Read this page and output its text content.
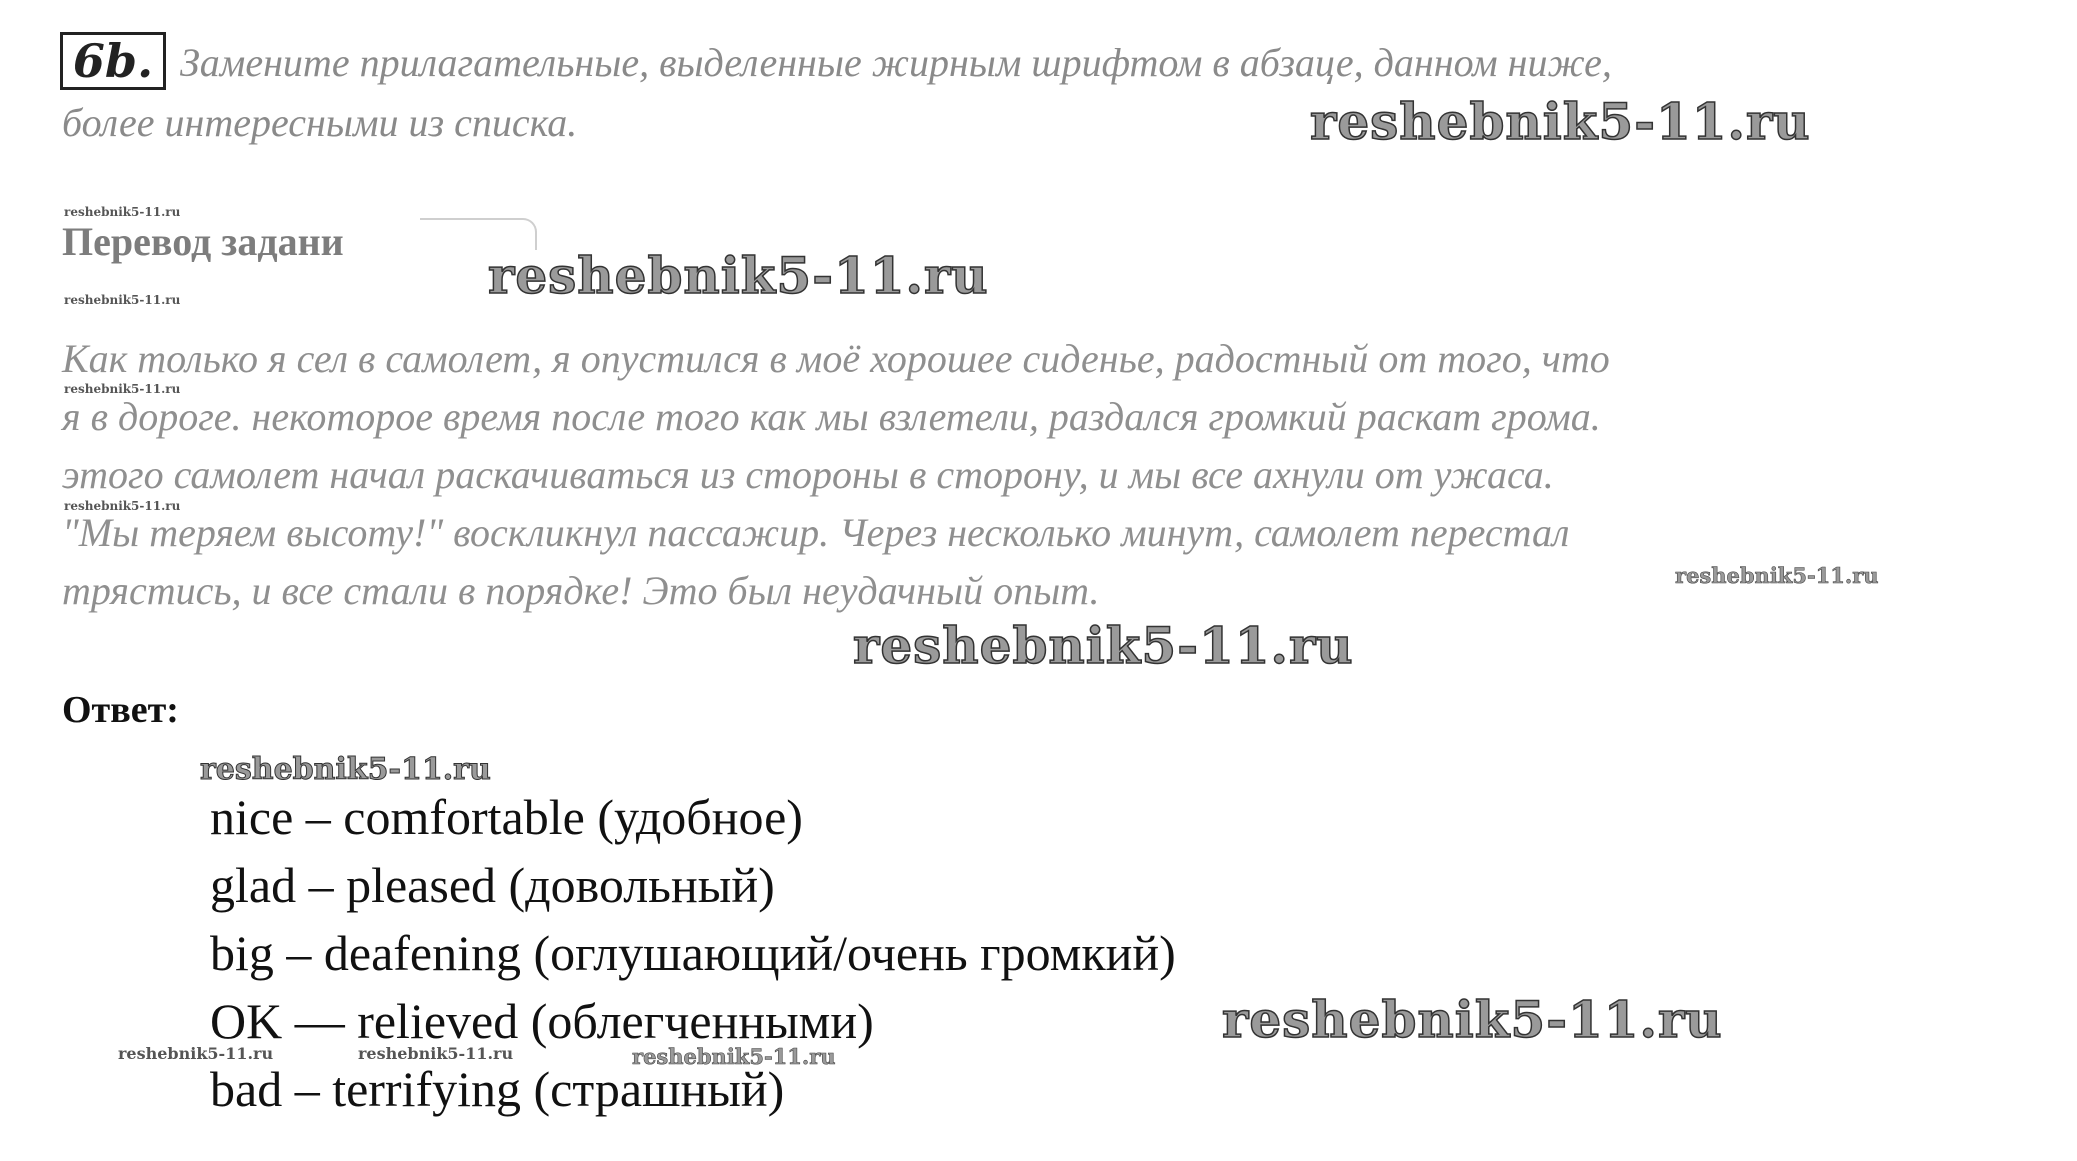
6b. Замените прилагательные, выделенные жирным шрифтом в абзаце, данном ниже,
более интересными из списка.
Перевод задани
Как только я сел в самолет, я опустился в моё хорошее сиденье, радостный от того, что
я в дороге. некоторое время после того как мы взлетели, раздался громкий раскат грома.
этого самолет начал раскачиваться из стороны в сторону, и мы все ахнули от ужаса.
"Мы теряем высоту!" воскликнул пассажир. Через несколько минут, самолет перестал
трястись, и все стали в порядке! Это был неудачный опыт.
Ответ:
nice – comfortable (удобное)
glad – pleased (довольный)
big – deafening (оглушающий/очень громкий)
OK — relieved (облегченными)
bad – terrifying (страшный)
reshebnik5-11.ru
reshebnik5-11.ru
reshebnik5-11.ru
reshebnik5-11.ru
reshebnik5-11.ru
reshebnik5-11.ru
reshebnik5-11.ru
reshebnik5-11.ru
reshebnik5-11.ru
reshebnik5-11.ru
reshebnik5-11.ru
reshebnik5-11.ru	reshebnik5-11.ru
